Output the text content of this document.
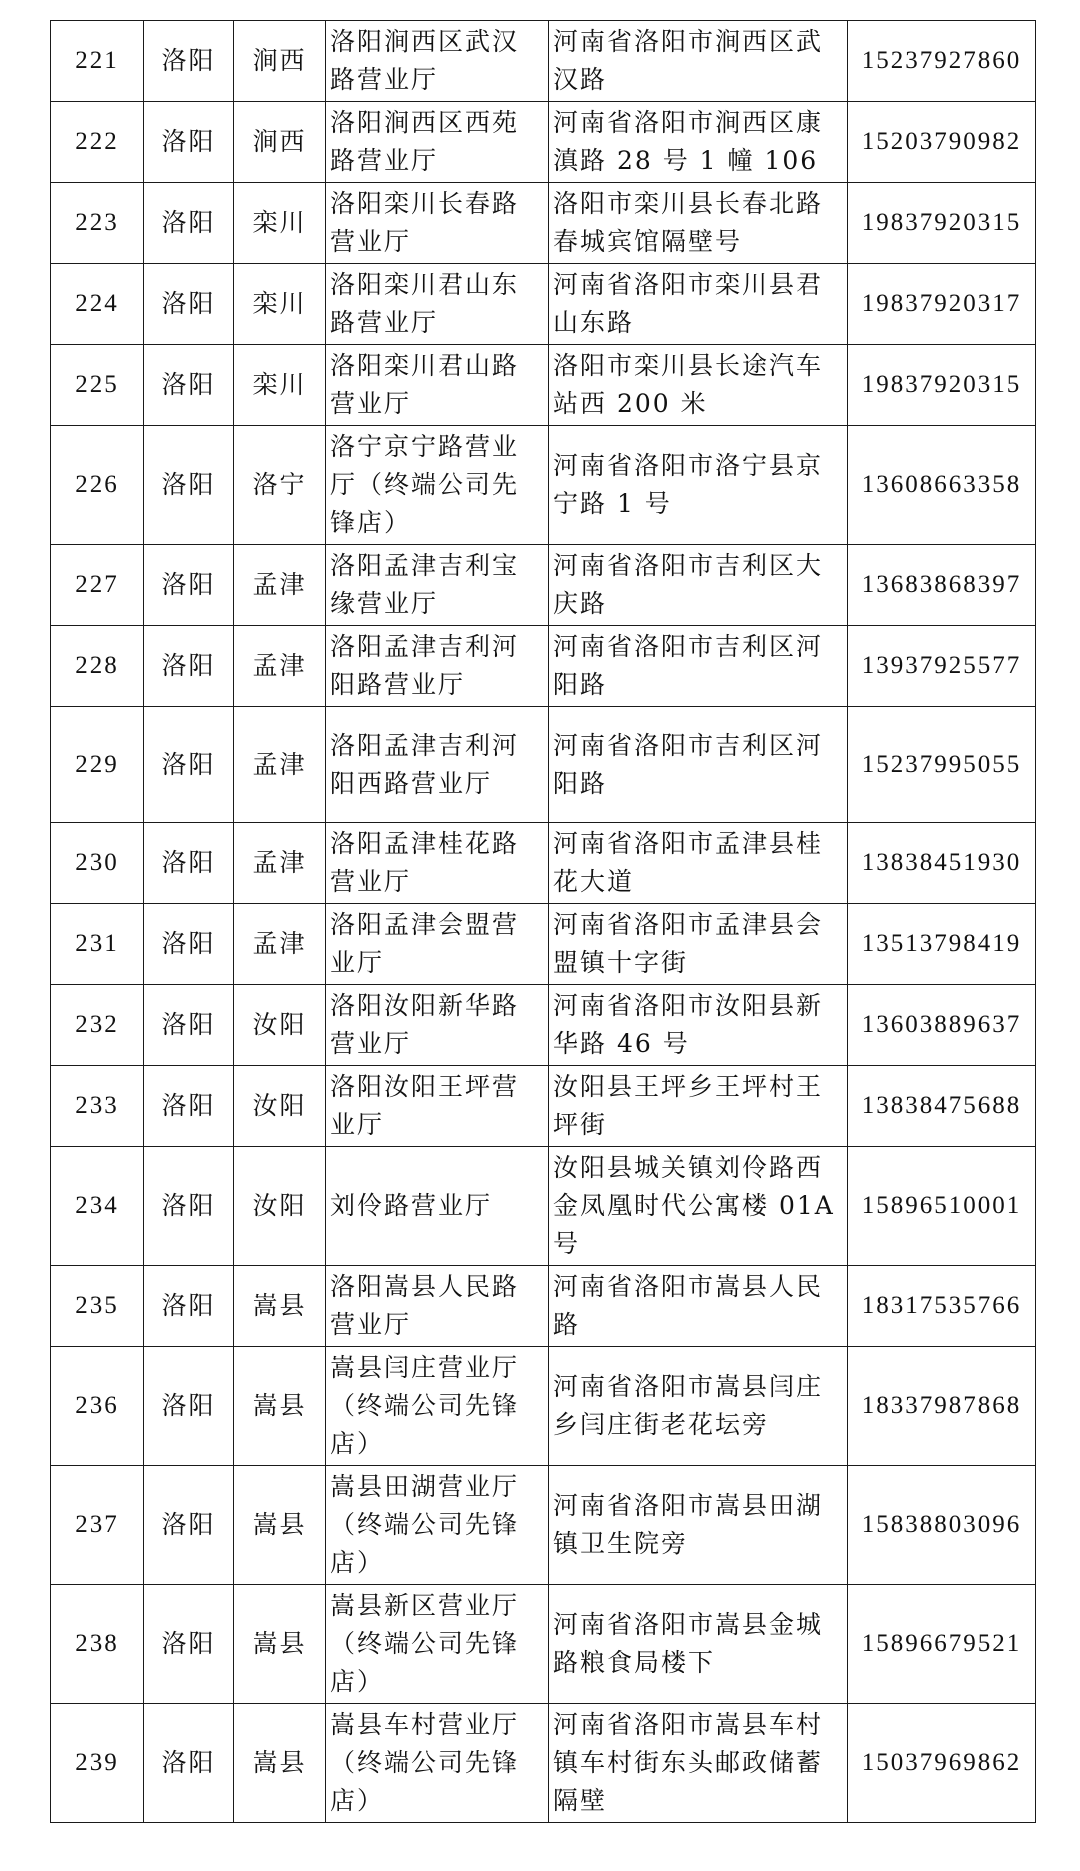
221	洛阳	涧西	洛阳涧西区武汉路营业厅	河南省洛阳市涧西区武汉路	15237927860
222	洛阳	涧西	洛阳涧西区西苑路营业厅	河南省洛阳市涧西区康滇路 28 号 1 幢 106	15203790982
223	洛阳	栾川	洛阳栾川长春路营业厅	洛阳市栾川县长春北路春城宾馆隔壁号	19837920315
224	洛阳	栾川	洛阳栾川君山东路营业厅	河南省洛阳市栾川县君山东路	19837920317
225	洛阳	栾川	洛阳栾川君山路营业厅	洛阳市栾川县长途汽车站西 200 米	19837920315
226	洛阳	洛宁	洛宁京宁路营业厅（终端公司先锋店）	河南省洛阳市洛宁县京宁路 1 号	13608663358
227	洛阳	孟津	洛阳孟津吉利宝缘营业厅	河南省洛阳市吉利区大庆路	13683868397
228	洛阳	孟津	洛阳孟津吉利河阳路营业厅	河南省洛阳市吉利区河阳路	13937925577
229	洛阳	孟津	洛阳孟津吉利河阳西路营业厅	河南省洛阳市吉利区河阳路	15237995055
230	洛阳	孟津	洛阳孟津桂花路营业厅	河南省洛阳市孟津县桂花大道	13838451930
231	洛阳	孟津	洛阳孟津会盟营业厅	河南省洛阳市孟津县会盟镇十字街	13513798419
232	洛阳	汝阳	洛阳汝阳新华路营业厅	河南省洛阳市汝阳县新华路 46 号	13603889637
233	洛阳	汝阳	洛阳汝阳王坪营业厅	汝阳县王坪乡王坪村王坪街	13838475688
234	洛阳	汝阳	刘伶路营业厅	汝阳县城关镇刘伶路西金凤凰时代公寓楼 01A 号	15896510001
235	洛阳	嵩县	洛阳嵩县人民路营业厅	河南省洛阳市嵩县人民路	18317535766
236	洛阳	嵩县	嵩县闫庄营业厅（终端公司先锋店）	河南省洛阳市嵩县闫庄乡闫庄街老花坛旁	18337987868
237	洛阳	嵩县	嵩县田湖营业厅（终端公司先锋店）	河南省洛阳市嵩县田湖镇卫生院旁	15838803096
238	洛阳	嵩县	嵩县新区营业厅（终端公司先锋店）	河南省洛阳市嵩县金城路粮食局楼下	15896679521
239	洛阳	嵩县	嵩县车村营业厅（终端公司先锋店）	河南省洛阳市嵩县车村镇车村街东头邮政储蓄隔壁	15037969862
